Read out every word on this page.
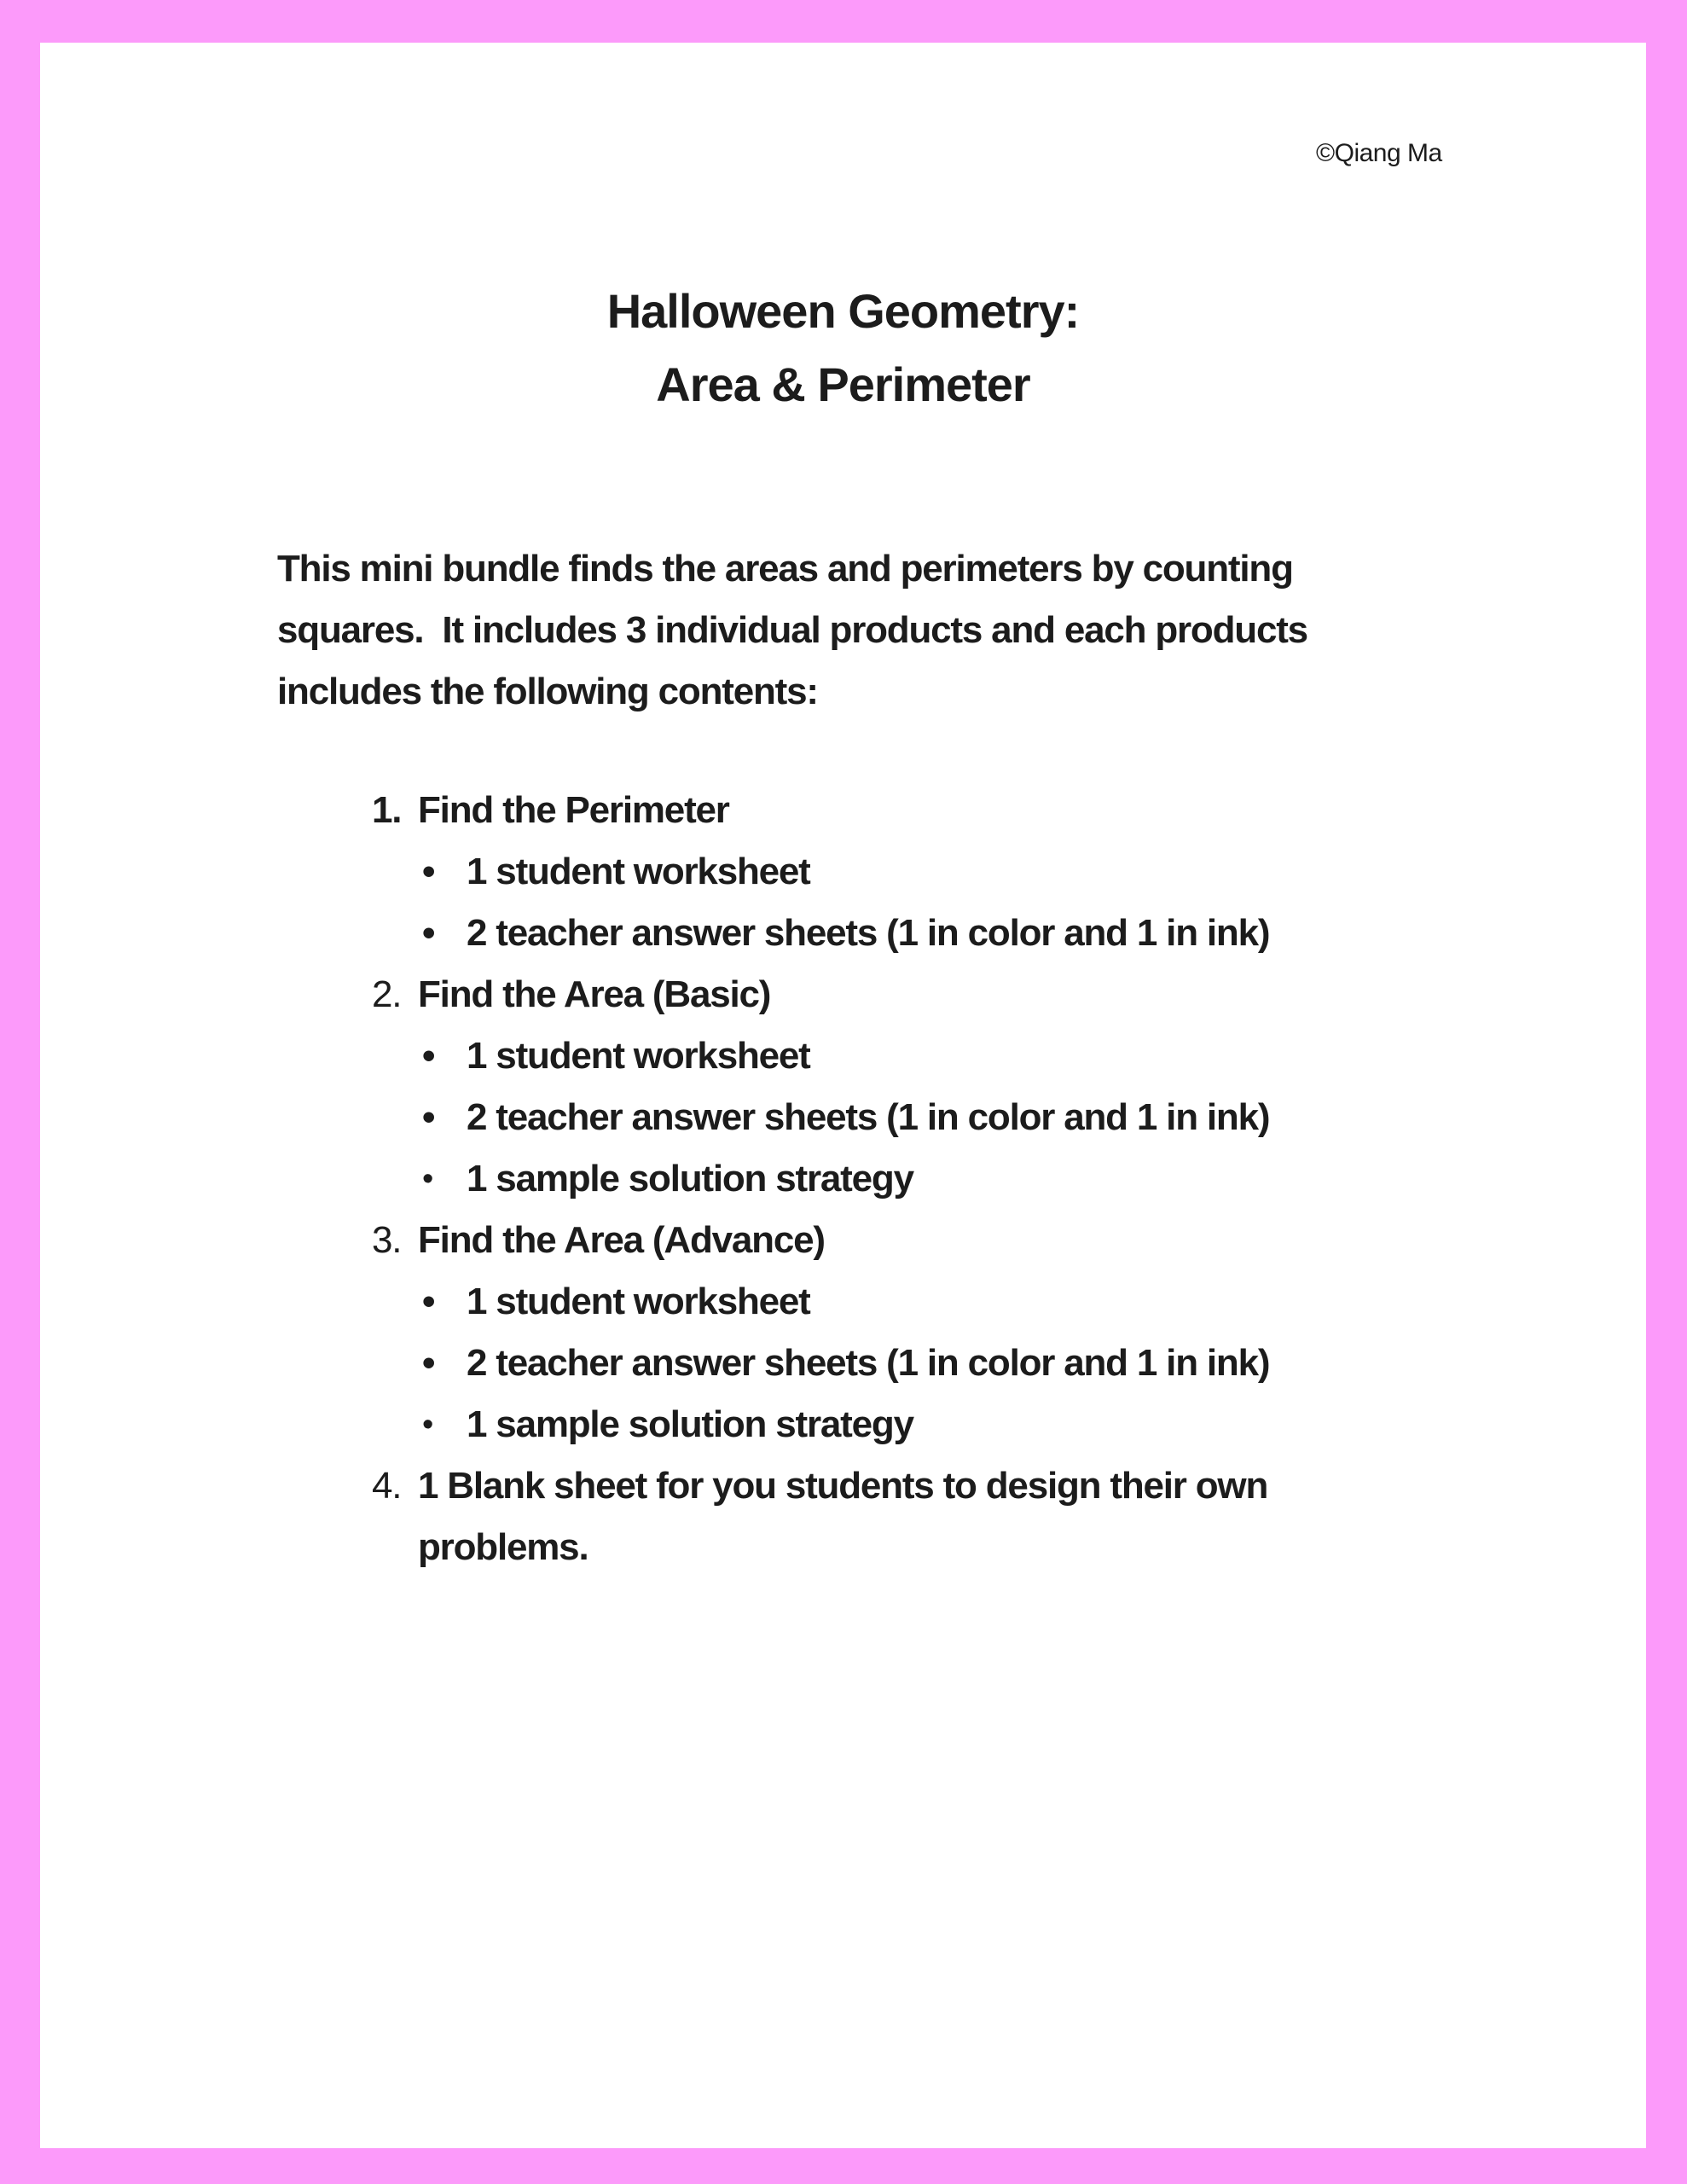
©Qiang Ma
Halloween Geometry:
Area & Perimeter
This mini bundle finds the areas and perimeters by counting
squares.  It includes 3 individual products and each products
includes the following contents:
1. Find the Perimeter
• 1 student worksheet
• 2 teacher answer sheets (1 in color and 1 in ink)
2. Find the Area (Basic)
• 1 student worksheet
• 2 teacher answer sheets (1 in color and 1 in ink)
• 1 sample solution strategy
3. Find the Area (Advance)
• 1 student worksheet
• 2 teacher answer sheets (1 in color and 1 in ink)
• 1 sample solution strategy
4. 1 Blank sheet for you students to design their own
problems.
